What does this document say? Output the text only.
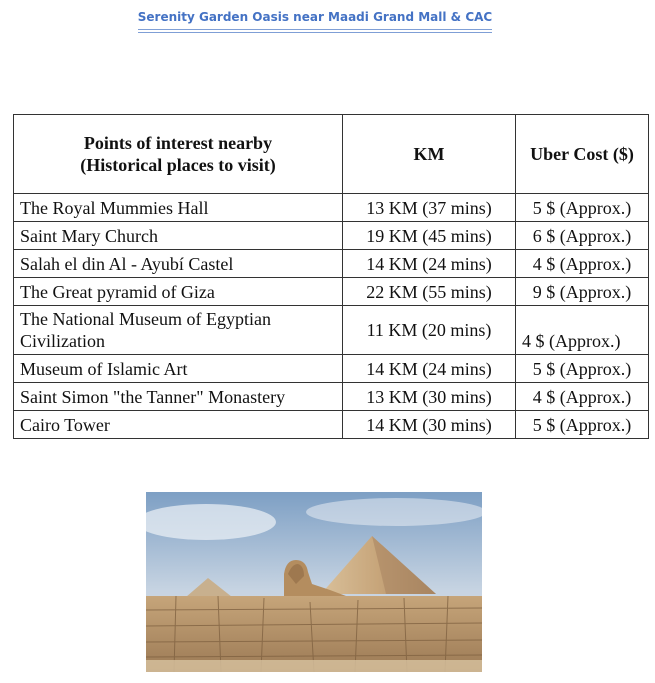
Serenity Garden Oasis near Maadi Grand Mall & CAC
Points of interest nearby
(Historical places to visit)	KM	Uber Cost ($)
The Royal Mummies Hall	13 KM (37 mins)	5 $ (Approx.)
Saint Mary Church	19 KM (45 mins)	6 $ (Approx.)
Salah el din Al - Ayubí Castel	14 KM (24 mins)	4 $ (Approx.)
The Great pyramid of Giza	22 KM (55 mins)	9 $ (Approx.)
The National Museum of Egyptian Civilization	11 KM (20 mins)	4 $ (Approx.)
Museum of Islamic Art	14 KM (24 mins)	5 $ (Approx.)
Saint Simon "the Tanner" Monastery	13 KM (30 mins)	4 $ (Approx.)
Cairo Tower	14 KM (30 mins)	5 $ (Approx.)
